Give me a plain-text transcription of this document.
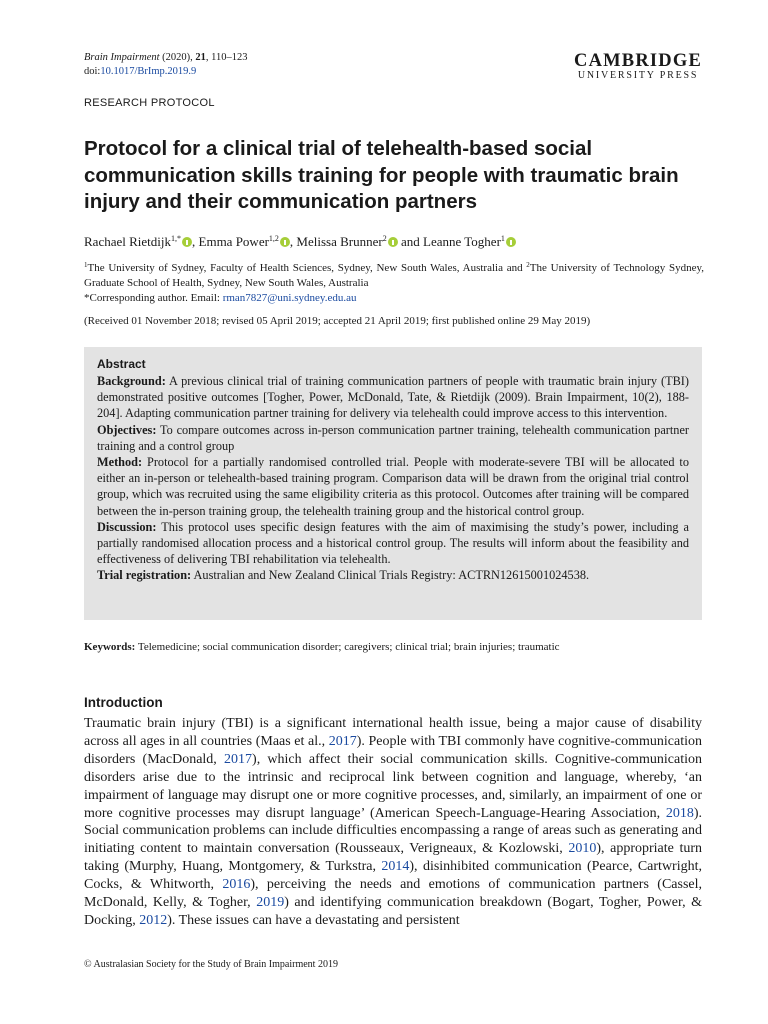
Brain Impairment (2020), 21, 110–123
doi:10.1017/BrImp.2019.9
CAMBRIDGE
UNIVERSITY PRESS
RESEARCH PROTOCOL
Protocol for a clinical trial of telehealth-based social communication skills training for people with traumatic brain injury and their communication partners
Rachael Rietdijk$^{1,*}$ , Emma Power$^{1,2}$ , Melissa Brunner$^2$ and Leanne Togher$^1$
$^1$The University of Sydney, Faculty of Health Sciences, Sydney, New South Wales, Australia and $^2$The University of Technology Sydney, Graduate School of Health, Sydney, New South Wales, Australia
*Corresponding author. Email: rman7827@uni.sydney.edu.au
(Received 01 November 2018; revised 05 April 2019; accepted 21 April 2019; first published online 29 May 2019)
Abstract

Background: A previous clinical trial of training communication partners of people with traumatic brain injury (TBI) demonstrated positive outcomes [Togher, Power, McDonald, Tate, & Rietdijk (2009). Brain Impairment, 10(2), 188-204]. Adapting communication partner training for delivery via telehealth could improve access to this intervention.

Objectives: To compare outcomes across in-person communication partner training, telehealth communication partner training and a control group

Method: Protocol for a partially randomised controlled trial. People with moderate-severe TBI will be allocated to either an in-person or telehealth-based training program. Comparison data will be drawn from the original trial control group, which was recruited using the same eligibility criteria as this protocol. Outcomes after training will be compared between the in-person training group, the telehealth training group and the historical control group.

Discussion: This protocol uses specific design features with the aim of maximising the study’s power, including a partially randomised allocation process and a historical control group. The results will inform about the feasibility and effectiveness of delivering TBI rehabilitation via telehealth.

Trial registration: Australian and New Zealand Clinical Trials Registry: ACTRN12615001024538.

Keywords: Telemedicine; social communication disorder; caregivers; clinical trial; brain injuries; traumatic
Introduction

Traumatic brain injury (TBI) is a significant international health issue, being a major cause of disability across all ages in all countries (Maas et al., 2017). People with TBI commonly have cognitive-communication disorders (MacDonald, 2017), which affect their social communication skills. Cognitive-communication disorders arise due to the intrinsic and reciprocal link between cognition and language, whereby, ‘an impairment of language may disrupt one or more cognitive processes, and, similarly, an impairment of one or more cognitive processes may disrupt language’ (American Speech-Language-Hearing Association, 2018). Social communication problems can include difficulties encompassing a range of areas such as generating and initiating content to maintain conversation (Rousseaux, Verigneaux, & Kozlowski, 2010), appropriate turn taking (Murphy, Huang, Montgomery, & Turkstra, 2014), disinhibited communication (Pearce, Cartwright, Cocks, & Whitworth, 2016), perceiving the needs and emotions of communication partners (Cassel, McDonald, Kelly, & Togher, 2019) and identifying communication breakdown (Bogart, Togher, Power, & Docking, 2012). These issues can have a devastating and persistent

© Australasian Society for the Study of Brain Impairment 2019
